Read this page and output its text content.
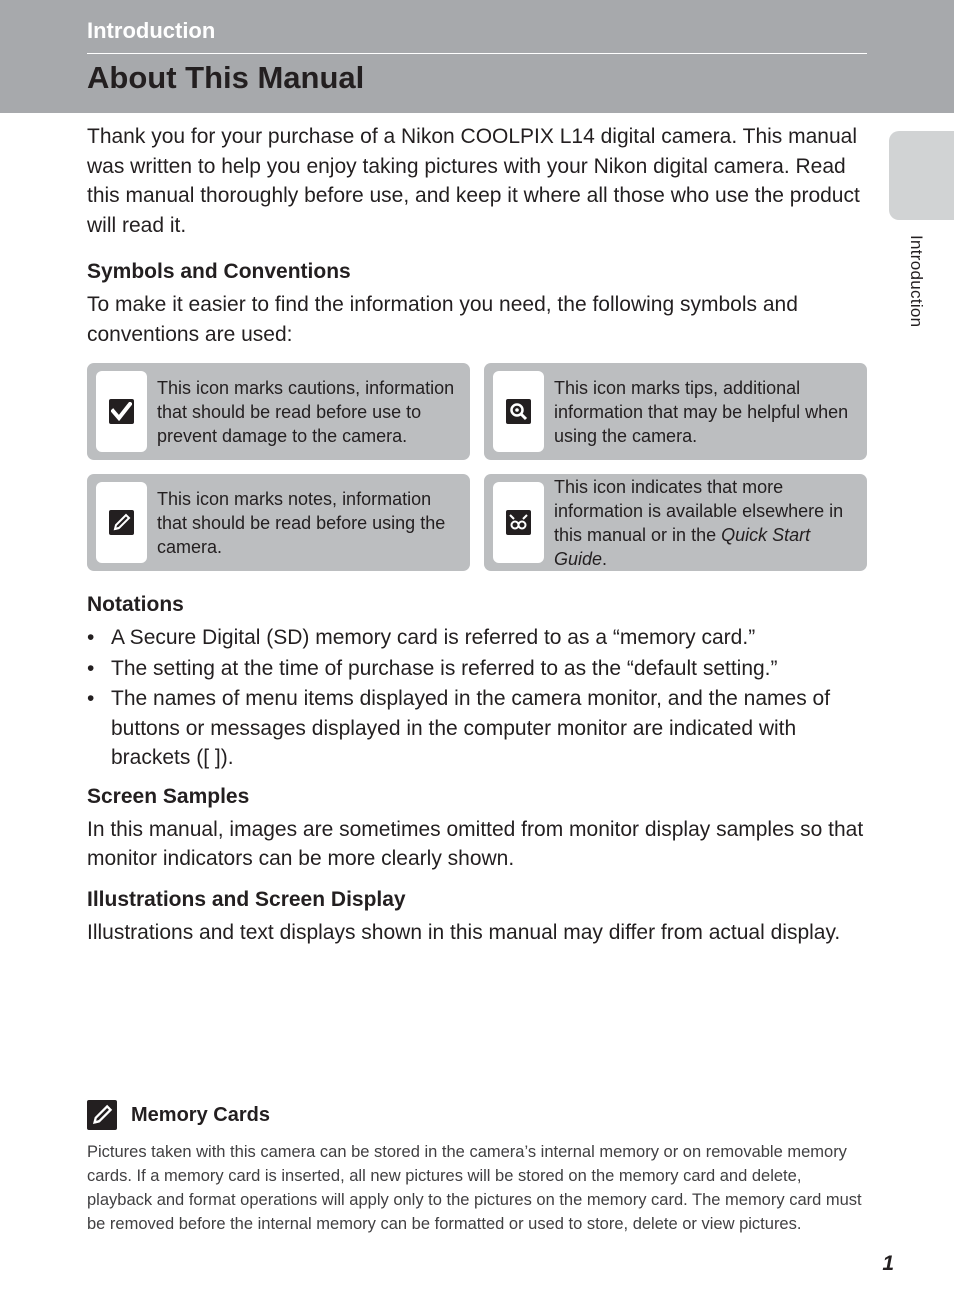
Introduction
About This Manual
Introduction

Thank you for your purchase of a Nikon COOLPIX L14 digital camera. This manual was written to help you enjoy taking pictures with your Nikon digital camera. Read this manual thoroughly before use, and keep it where all those who use the product will read it.

Symbols and Conventions

To make it easier to find the information you need, the following symbols and conventions are used:

This icon marks cautions, information that should be read before use to prevent damage to the camera.
This icon marks tips, additional information that may be helpful when using the camera.
This icon marks notes, information that should be read before using the camera.
This icon indicates that more information is available elsewhere in this manual or in the Quick Start Guide.
Notations
• A Secure Digital (SD) memory card is referred to as a “memory card.”
• The setting at the time of purchase is referred to as the “default setting.”
• The names of menu items displayed in the camera monitor, and the names of buttons or messages displayed in the computer monitor are indicated with brackets ([ ]).
Screen Samples

In this manual, images are sometimes omitted from monitor display samples so that monitor indicators can be more clearly shown.

Illustrations and Screen Display

Illustrations and text displays shown in this manual may differ from actual display.

Memory Cards

Pictures taken with this camera can be stored in the camera’s internal memory or on removable memory cards. If a memory card is inserted, all new pictures will be stored on the memory card and delete, playback and format operations will apply only to the pictures on the memory card. The memory card must be removed before the internal memory can be formatted or used to store, delete or view pictures.

1
